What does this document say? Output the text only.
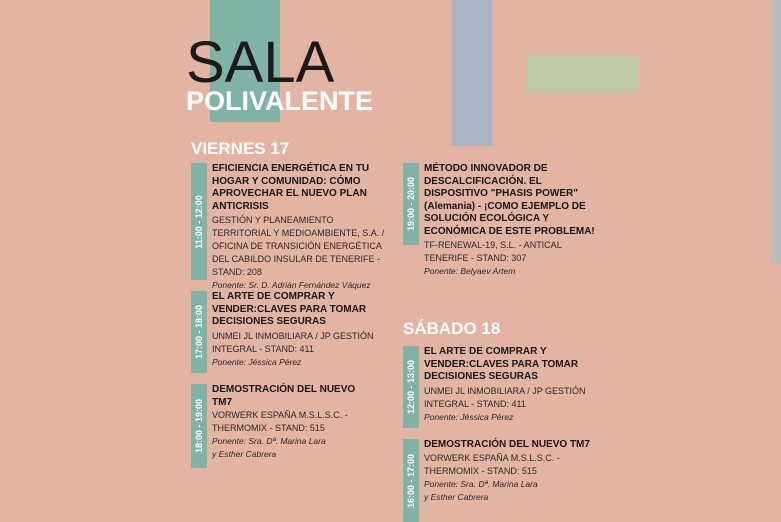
SALA
POLIVALENTE
VIERNES 17
11:00 - 12:00
EFICIENCIA ENERGÉTICA EN TU HOGAR Y COMUNIDAD: CÓMO APROVECHAR EL NUEVO PLAN ANTICRISIS
GESTIÓN Y PLANEAMIENTO TERRITORIAL Y MEDIOAMBIENTE, S.A. / OFICINA DE TRANSICIÓN ENERGÉTICA DEL CABILDO INSULAR DE TENERIFE - STAND: 208
Ponente: Sr. D. Adrián Fernández Váquez
17:00 - 18:00
EL ARTE DE COMPRAR Y VENDER:CLAVES PARA TOMAR DECISIONES SEGURAS
UNMEI JL INMOBILIARA / JP GESTIÓN INTEGRAL - STAND: 411
Ponente: Jéssica Pérez
18:00 - 19:00
DEMOSTRACIÓN DEL NUEVO TM7
VORWERK ESPAÑA M.S.L.S.C. - THERMOMIX - STAND: 515
Ponente: Sra. Dª. Marina Lara
y Esther Cabrera
19:00 - 20:00
MÉTODO INNOVADOR DE DESCALCIFICACIÓN. EL DISPOSITIVO "PHASIS POWER"(Alemania) - ¡COMO EJEMPLO DE SOLUCIÓN ECOLÓGICA Y ECONÓMICA DE ESTE PROBLEMA!
TF-RENEWAL-19, S.L. - ANTICAL TENERIFE - STAND: 307
Ponente: Belyaev Artem
SÁBADO 18
12:00 - 13:00
EL ARTE DE COMPRAR Y VENDER:CLAVES PARA TOMAR DECISIONES SEGURAS
UNMEI JL INMOBILIARA / JP GESTIÓN INTEGRAL - STAND: 411
Ponente: Jéssica Pérez
16:00 - 17:00
DEMOSTRACIÓN DEL NUEVO TM7
VORWERK ESPAÑA M.S.L.S.C. - THERMOMIX - STAND: 515
Ponente: Sra. Dª. Marina Lara
y Esther Cabrera
